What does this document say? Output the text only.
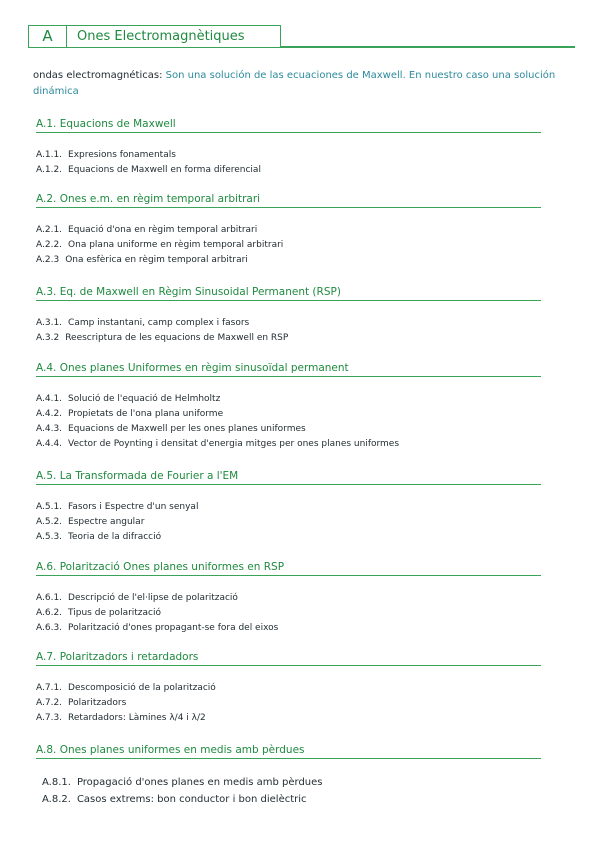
A	Ones Electromagnètiques
ondas electromagnéticas: Son una solución de las ecuaciones de Maxwell. En nuestro caso una solución dinámica
A.1. Equacions de Maxwell
A.1.1. Expresions fonamentals
A.1.2. Equacions de Maxwell en forma diferencial
A.2. Ones e.m. en règim temporal arbitrari
A.2.1. Equació d'ona en règim temporal arbitrari
A.2.2. Ona plana uniforme en règim temporal arbitrari
A.2.3 Ona esfèrica en règim temporal arbitrari
A.3. Eq. de Maxwell en Règim Sinusoidal Permanent (RSP)
A.3.1. Camp instantani, camp complex i fasors
A.3.2 Reescriptura de les equacions de Maxwell en RSP
A.4. Ones planes Uniformes en règim sinusoïdal permanent
A.4.1. Solució de l'equació de Helmholtz
A.4.2. Propietats de l'ona plana uniforme
A.4.3. Equacions de Maxwell per les ones planes uniformes
A.4.4. Vector de Poynting i densitat d'energia mitges per ones planes uniformes
A.5. La Transformada de Fourier a l'EM
A.5.1. Fasors i Espectre d'un senyal
A.5.2. Espectre angular
A.5.3. Teoria de la difracció
A.6. Polarització Ones planes uniformes en RSP
A.6.1. Descripció de l'el·lipse de polarització
A.6.2. Tipus de polarització
A.6.3. Polarització d'ones propagant-se fora del eixos
A.7. Polaritzadors i retardadors
A.7.1. Descomposició de la polarització
A.7.2. Polaritzadors
A.7.3. Retardadors: Làmines λ/4 i λ/2
A.8. Ones planes uniformes en medis amb pèrdues
A.8.1. Propagació d'ones planes en medis amb pèrdues
A.8.2. Casos extrems: bon conductor i bon dielèctric
